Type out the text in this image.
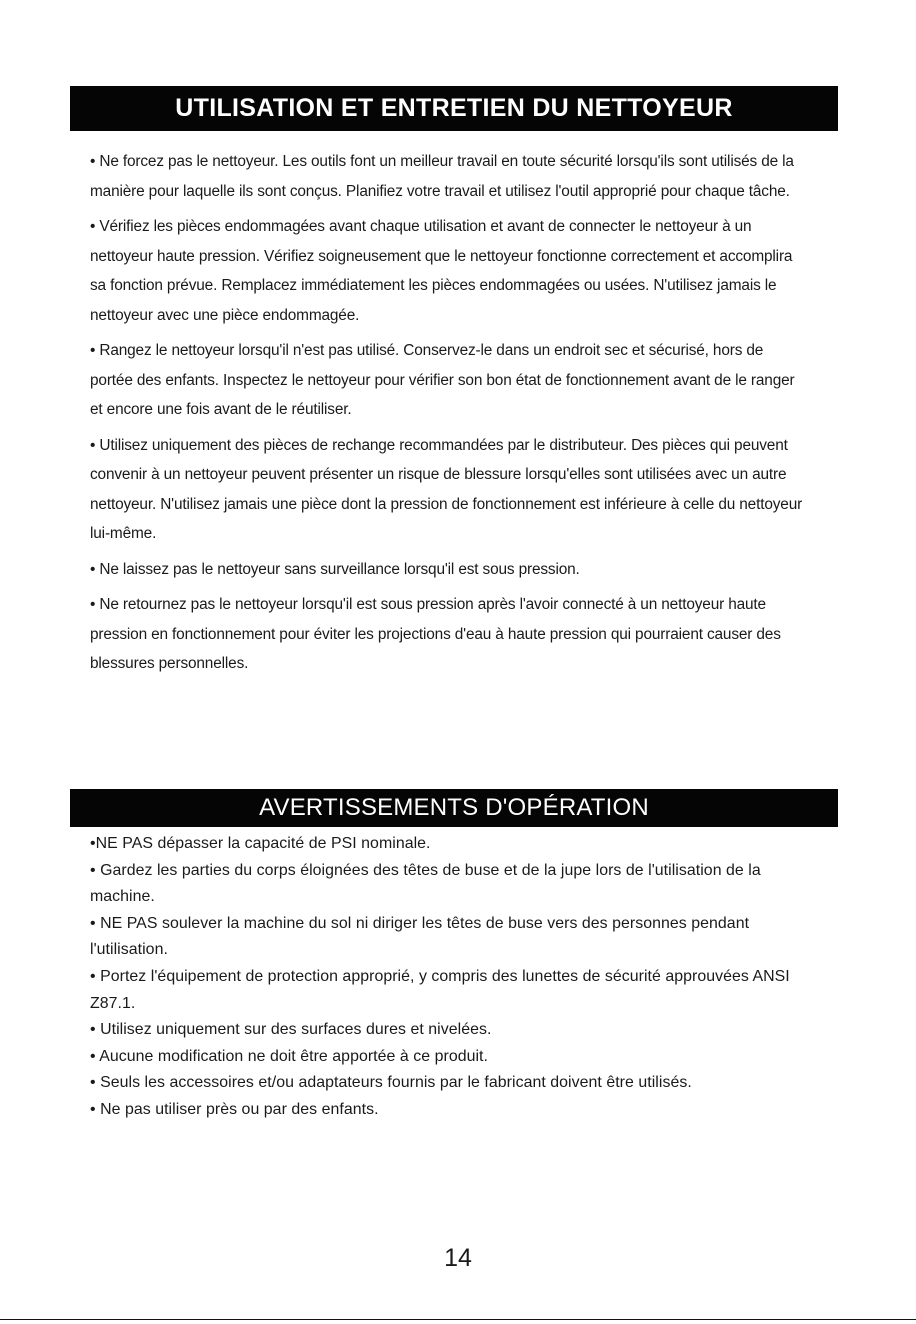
UTILISATION ET ENTRETIEN DU NETTOYEUR

• Ne forcez pas le nettoyeur. Les outils font un meilleur travail en toute sécurité lorsqu'ils sont utilisés de la manière pour laquelle ils sont conçus. Planifiez votre travail et utilisez l'outil approprié pour chaque tâche.

• Vérifiez les pièces endommagées avant chaque utilisation et avant de connecter le nettoyeur à un nettoyeur haute pression. Vérifiez soigneusement que le nettoyeur fonctionne correctement et accomplira sa fonction prévue. Remplacez immédiatement les pièces endommagées ou usées. N'utilisez jamais le nettoyeur avec une pièce endommagée.

• Rangez le nettoyeur lorsqu'il n'est pas utilisé. Conservez-le dans un endroit sec et sécurisé, hors de portée des enfants. Inspectez le nettoyeur pour vérifier son bon état de fonctionnement avant de le ranger et encore une fois avant de le réutiliser.

• Utilisez uniquement des pièces de rechange recommandées par le distributeur. Des pièces qui peuvent convenir à un nettoyeur peuvent présenter un risque de blessure lorsqu'elles sont utilisées avec un autre nettoyeur. N'utilisez jamais une pièce dont la pression de fonctionnement est inférieure à celle du nettoyeur lui-même.

• Ne laissez pas le nettoyeur sans surveillance lorsqu'il est sous pression.

• Ne retournez pas le nettoyeur lorsqu'il est sous pression après l'avoir connecté à un nettoyeur haute pression en fonctionnement pour éviter les projections d'eau à haute pression qui pourraient causer des blessures personnelles.

AVERTISSEMENTS D'OPÉRATION

•NE PAS dépasser la capacité de PSI nominale.

• Gardez les parties du corps éloignées des têtes de buse et de la jupe lors de l'utilisation de la machine.

• NE PAS soulever la machine du sol ni diriger les têtes de buse vers des personnes pendant l'utilisation.

• Portez l'équipement de protection approprié, y compris des lunettes de sécurité approuvées ANSI Z87.1.

• Utilisez uniquement sur des surfaces dures et nivelées.

• Aucune modification ne doit être apportée à ce produit.

• Seuls les accessoires et/ou adaptateurs fournis par le fabricant doivent être utilisés.

• Ne pas utiliser près ou par des enfants.

14
